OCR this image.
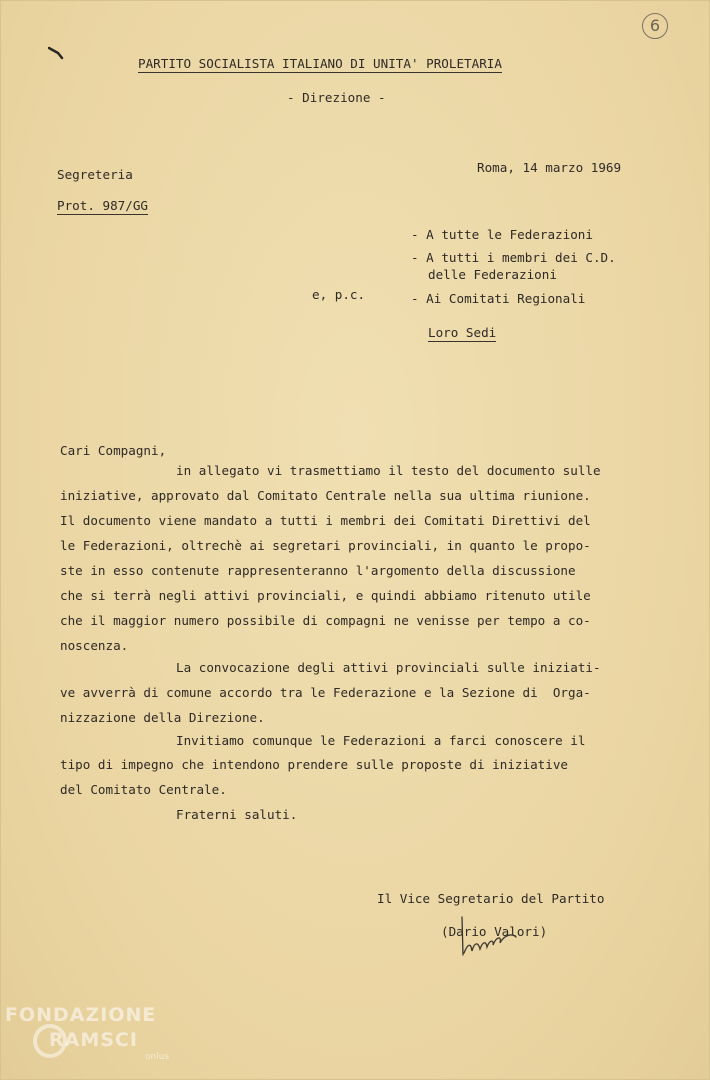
6
PARTITO SOCIALISTA ITALIANO DI UNITA' PROLETARIA
- Direzione -
Segreteria
Prot. 987/GG
Roma, 14 marzo 1969
- A tutte le Federazioni
- A tutti i membri dei C.D.
delle Federazioni
e, p.c.	- Ai Comitati Regionali
Loro Sedi
Cari Compagni,
in allegato vi trasmettiamo il testo del documento sulle
iniziative, approvato dal Comitato Centrale nella sua ultima riunione.
Il documento viene mandato a tutti i membri dei Comitati Direttivi del
le Federazioni, oltrechè ai segretari provinciali, in quanto le propo-
ste in esso contenute rappresenteranno l'argomento della discussione
che si terrà negli attivi provinciali, e quindi abbiamo ritenuto utile
che il maggior numero possibile di compagni ne venisse per tempo a co-
noscenza.
La convocazione degli attivi provinciali sulle iniziati-
ve avverrà di comune accordo tra le Federazione e la Sezione di  Orga-
nizzazione della Direzione.
Invitiamo comunque le Federazioni a farci conoscere il
tipo di impegno che intendono prendere sulle proposte di iniziative
del Comitato Centrale.
Fraterni saluti.
Il Vice Segretario del Partito
(Dario Valori)
FONDAZIONE
RAMSCI
onlus
